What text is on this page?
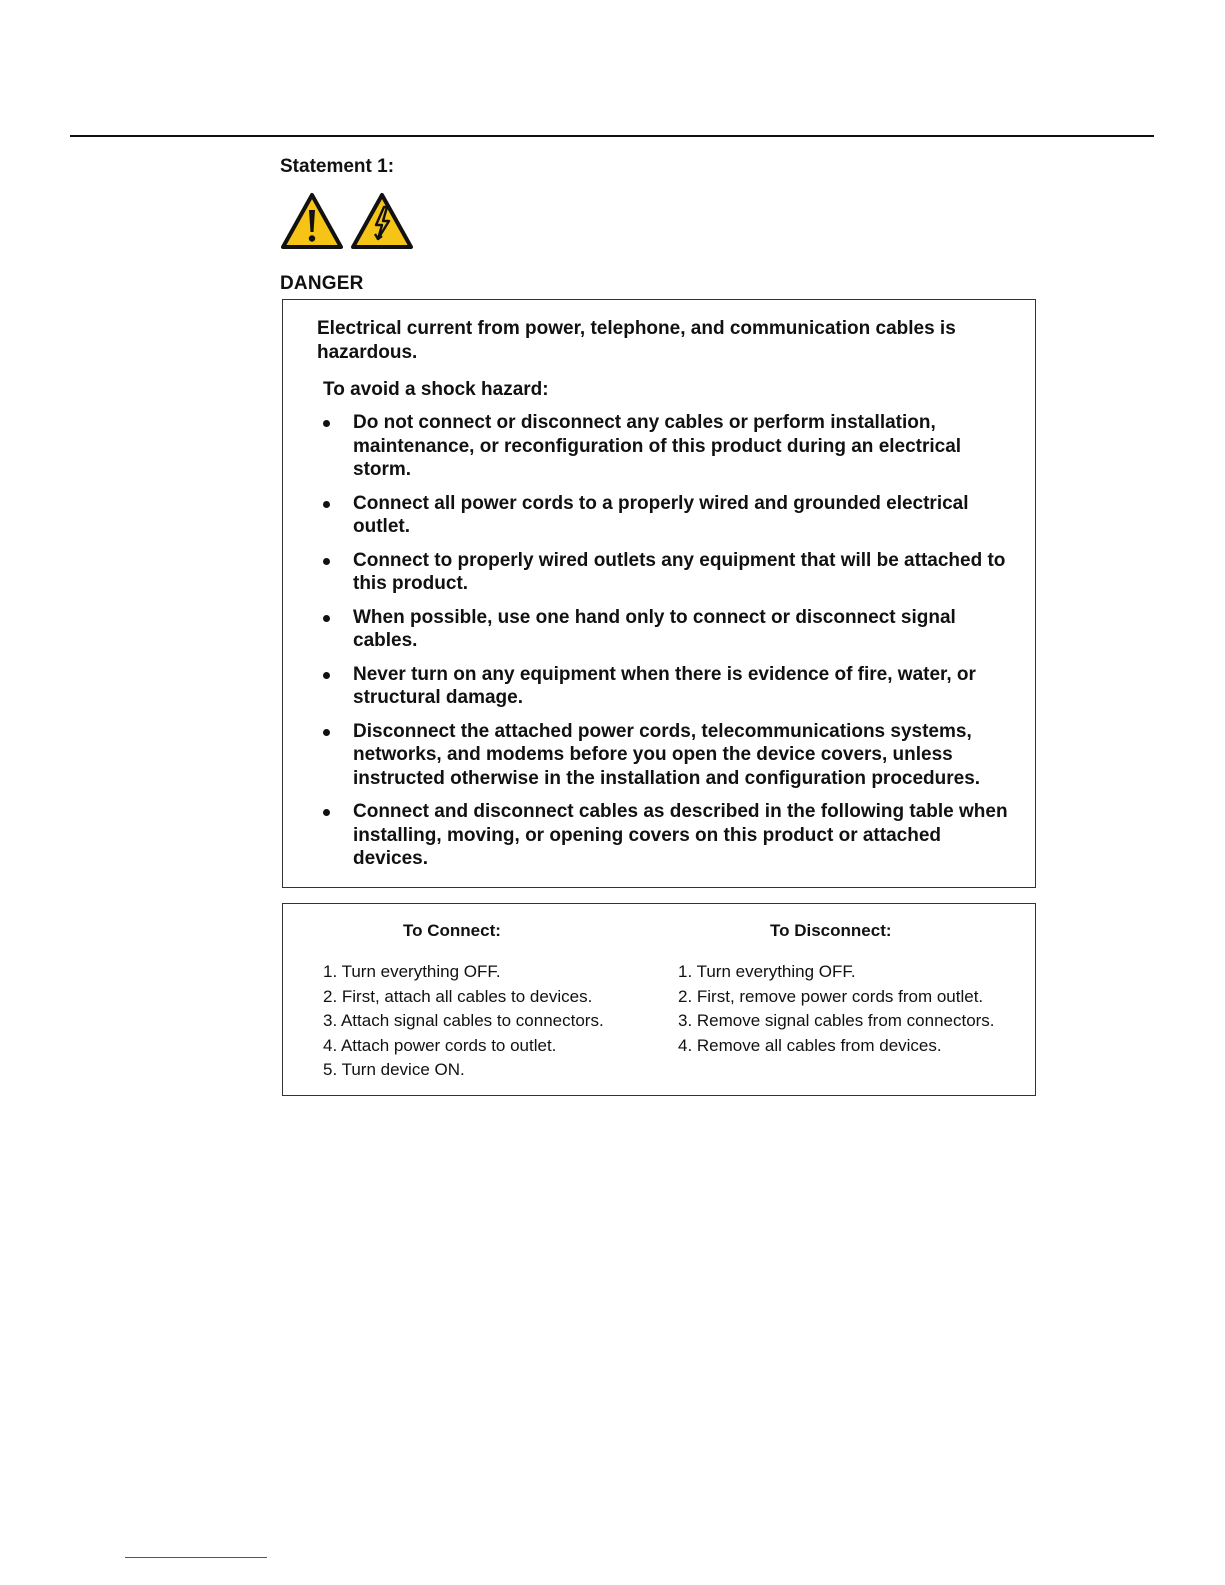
Statement 1:
DANGER
Electrical current from power, telephone, and communication cables is hazardous.
To avoid a shock hazard:
Do not connect or disconnect any cables or perform installation, maintenance, or reconfiguration of this product during an electrical storm.
Connect all power cords to a properly wired and grounded electrical outlet.
Connect to properly wired outlets any equipment that will be attached to this product.
When possible, use one hand only to connect or disconnect signal cables.
Never turn on any equipment when there is evidence of fire, water, or structural damage.
Disconnect the attached power cords, telecommunications systems, networks, and modems before you open the device covers, unless instructed otherwise in the installation and configuration procedures.
Connect and disconnect cables as described in the following table when installing, moving, or opening covers on this product or attached devices.
To Connect:
1. Turn everything OFF.
2. First, attach all cables to devices.
3. Attach signal cables to connectors.
4. Attach power cords to outlet.
5. Turn device ON.
To Disconnect:
1. Turn everything OFF.
2. First, remove power cords from outlet.
3. Remove signal cables from connectors.
4. Remove all cables from devices.
